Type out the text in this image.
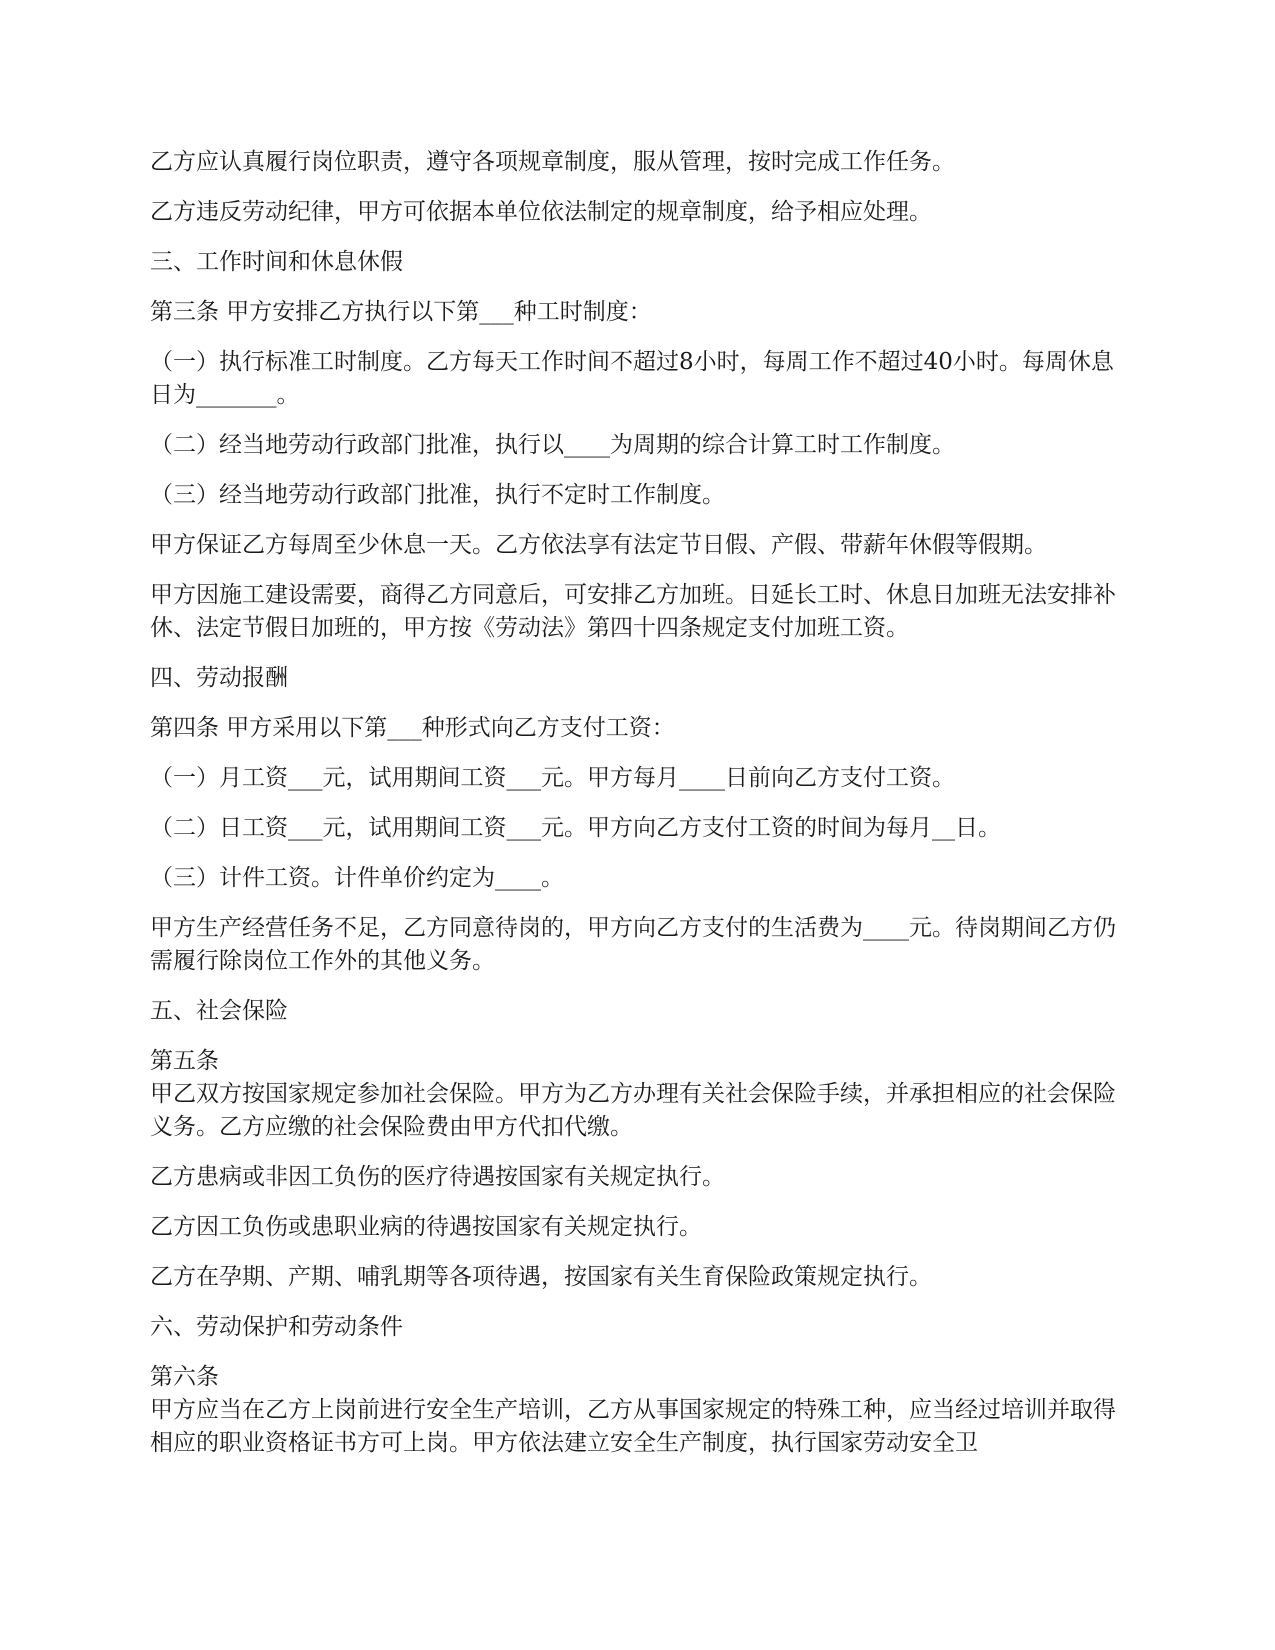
乙方应认真履行岗位职责，遵守各项规章制度，服从管理，按时完成工作任务。

乙方违反劳动纪律，甲方可依据本单位依法制定的规章制度，给予相应处理。

三、工作时间和休息休假

第三条 甲方安排乙方执行以下第___种工时制度：

（一）执行标准工时制度。乙方每天工作时间不超过8小时，每周工作不超过40小时。每周休息日为_______。

（二）经当地劳动行政部门批准，执行以____为周期的综合计算工时工作制度。

（三）经当地劳动行政部门批准，执行不定时工作制度。

甲方保证乙方每周至少休息一天。乙方依法享有法定节日假、产假、带薪年休假等假期。

甲方因施工建设需要，商得乙方同意后，可安排乙方加班。日延长工时、休息日加班无法安排补休、法定节假日加班的，甲方按《劳动法》第四十四条规定支付加班工资。

四、劳动报酬

第四条 甲方采用以下第___种形式向乙方支付工资：

（一）月工资___元，试用期间工资___元。甲方每月____日前向乙方支付工资。

（二）日工资___元，试用期间工资___元。甲方向乙方支付工资的时间为每月__日。

（三）计件工资。计件单价约定为____。

甲方生产经营任务不足，乙方同意待岗的，甲方向乙方支付的生活费为____元。待岗期间乙方仍需履行除岗位工作外的其他义务。

五、社会保险

第五条

甲乙双方按国家规定参加社会保险。甲方为乙方办理有关社会保险手续，并承担相应的社会保险义务。乙方应缴的社会保险费由甲方代扣代缴。

乙方患病或非因工负伤的医疗待遇按国家有关规定执行。

乙方因工负伤或患职业病的待遇按国家有关规定执行。

乙方在孕期、产期、哺乳期等各项待遇，按国家有关生育保险政策规定执行。

六、劳动保护和劳动条件

第六条

甲方应当在乙方上岗前进行安全生产培训，乙方从事国家规定的特殊工种，应当经过培训并取得相应的职业资格证书方可上岗。甲方依法建立安全生产制度，执行国家劳动安全卫
